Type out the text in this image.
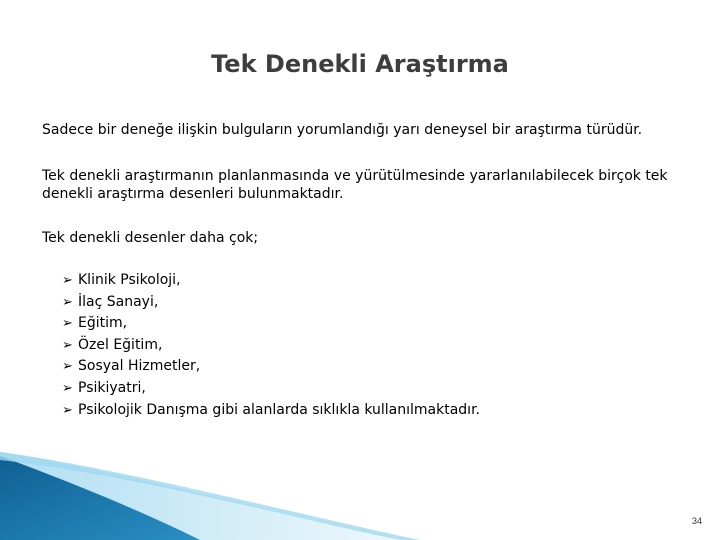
Tek Denekli Araştırma

Sadece bir deneğe ilişkin bulguların yorumlandığı yarı deneysel bir araştırma türüdür.

Tek denekli araştırmanın planlanmasında ve yürütülmesinde yararlanılabilecek birçok tek denekli araştırma desenleri bulunmaktadır.

Tek denekli desenler daha çok;

➢ Klinik Psikoloji,
➢ İlaç Sanayi,
➢ Eğitim,
➢ Özel Eğitim,
➢ Sosyal Hizmetler,
➢ Psikiyatri,
➢ Psikolojik Danışma gibi alanlarda sıklıkla kullanılmaktadır.
34
